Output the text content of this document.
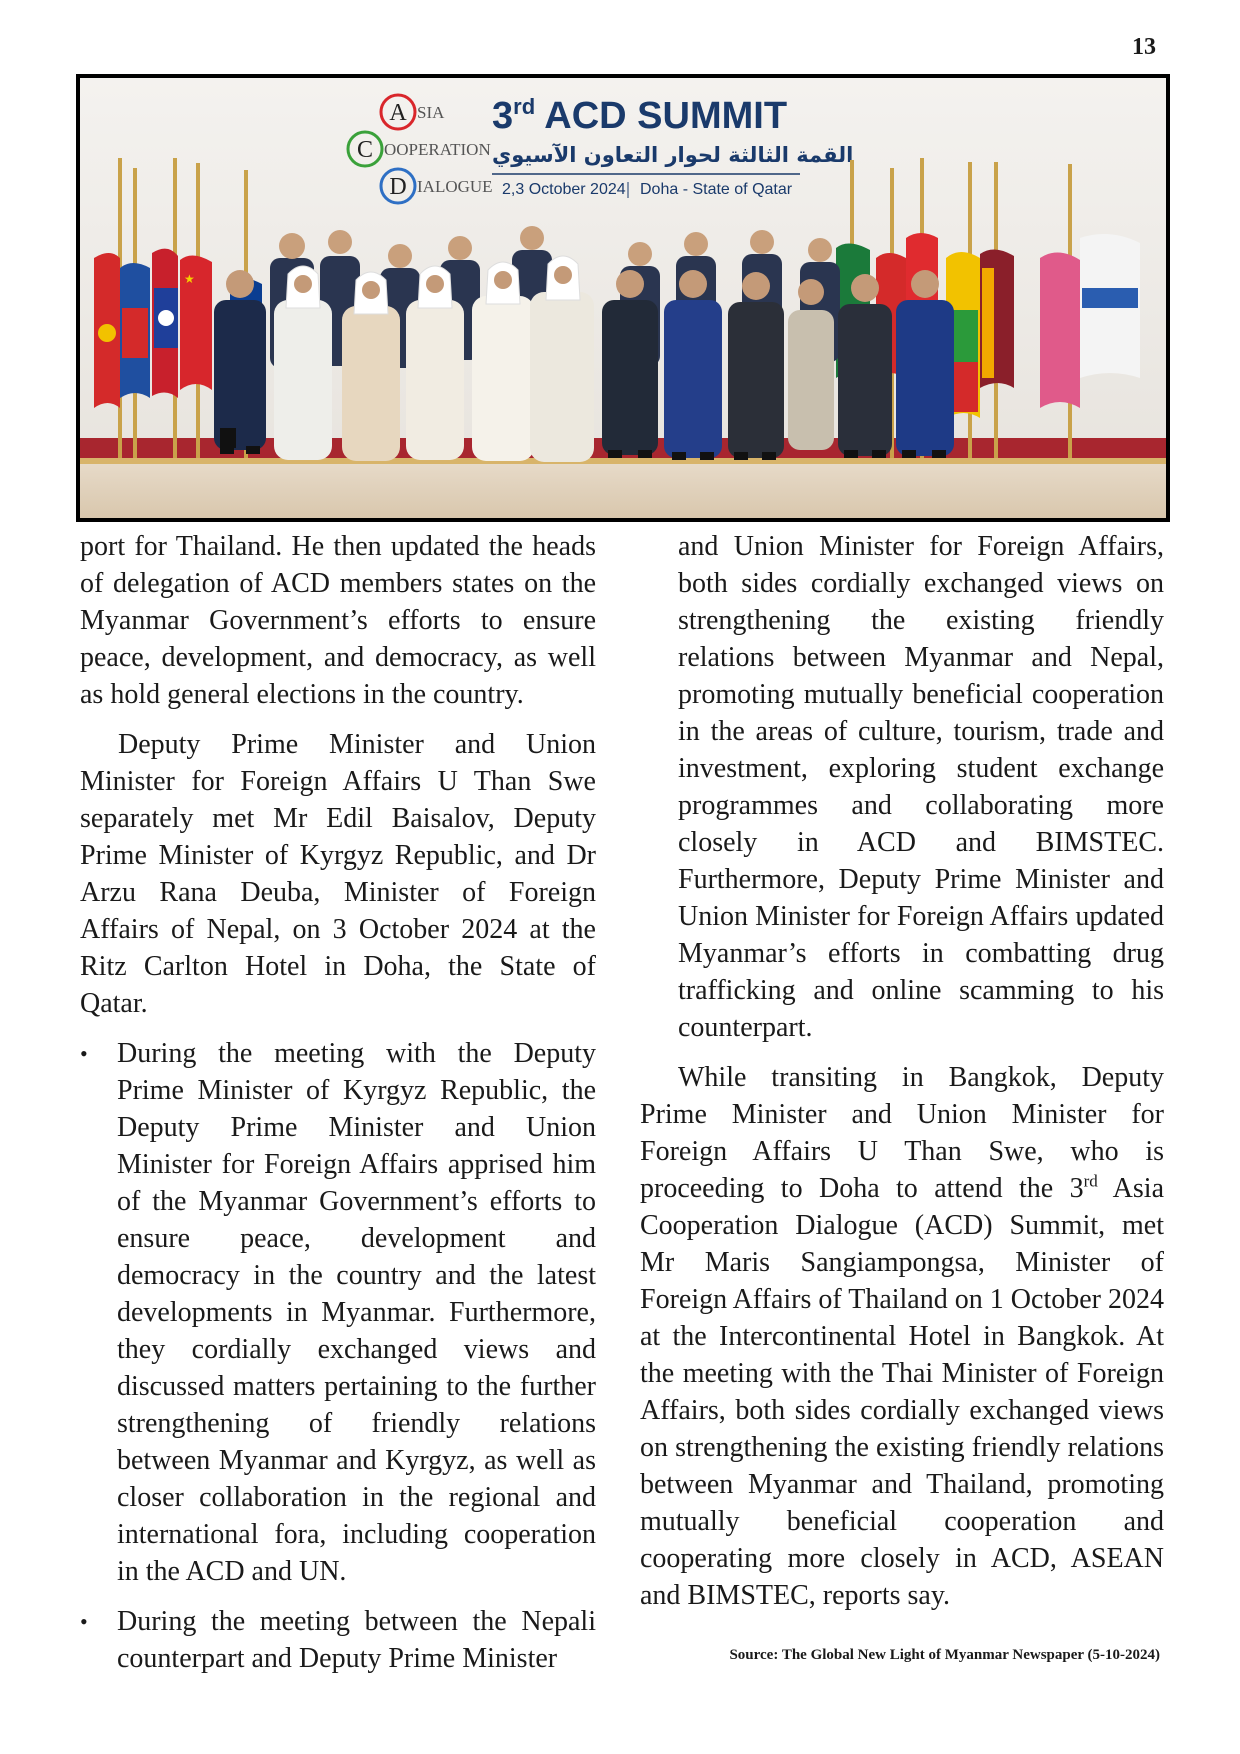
13
A SIA
C OOPERATION
D IALOGUE
3rd ACD SUMMIT
القمة الثالثة لحوار التعاون الآسيوي
2,3 October 2024 Doha - State of Qatar
★

port for Thailand. He then updated the heads of delegation of ACD members states on the Myanmar Government’s efforts to ensure peace, development, and democracy, as well as hold general elections in the country.

Deputy Prime Minister and Union Minister for Foreign Affairs U Than Swe separately met Mr Edil Baisalov, Deputy Prime Minister of Kyrgyz Republic, and Dr Arzu Rana Deuba, Minister of Foreign Affairs of Nepal, on 3 October 2024 at the Ritz Carlton Hotel in Doha, the State of Qatar.

• During the meeting with the Deputy Prime Minister of Kyrgyz Republic, the Deputy Prime Minister and Union Minister for Foreign Affairs apprised him of the Myanmar Government’s efforts to ensure peace, development and democracy in the country and the latest developments in Myanmar. Furthermore, they cordially exchanged views and discussed matters pertaining to the further strengthening of friendly relations between Myanmar and Kyrgyz, as well as closer collaboration in the regional and international fora, including cooperation in the ACD and UN.
• During the meeting between the Nepali counterpart and Deputy Prime Minister

and Union Minister for Foreign Affairs, both sides cordially exchanged views on strengthening the existing friendly relations between Myanmar and Nepal, promoting mutually beneficial cooperation in the areas of culture, tourism, trade and investment, exploring student exchange programmes and collaborating more closely in ACD and BIMSTEC. Furthermore, Deputy Prime Minister and Union Minister for Foreign Affairs updated Myanmar’s efforts in combatting drug trafficking and online scamming to his counterpart.

While transiting in Bangkok, Deputy Prime Minister and Union Minister for Foreign Affairs U Than Swe, who is proceeding to Doha to attend the 3rd Asia Cooperation Dialogue (ACD) Summit, met Mr Maris Sangiampongsa, Minister of Foreign Affairs of Thailand on 1 October 2024 at the Intercontinental Hotel in Bangkok. At the meeting with the Thai Minister of Foreign Affairs, both sides cordially exchanged views on strengthening the existing friendly relations between Myanmar and Thailand, promoting mutually beneficial cooperation and cooperating more closely in ACD, ASEAN and BIMSTEC, reports say.

Source: The Global New Light of Myanmar Newspaper (5-10-2024)
